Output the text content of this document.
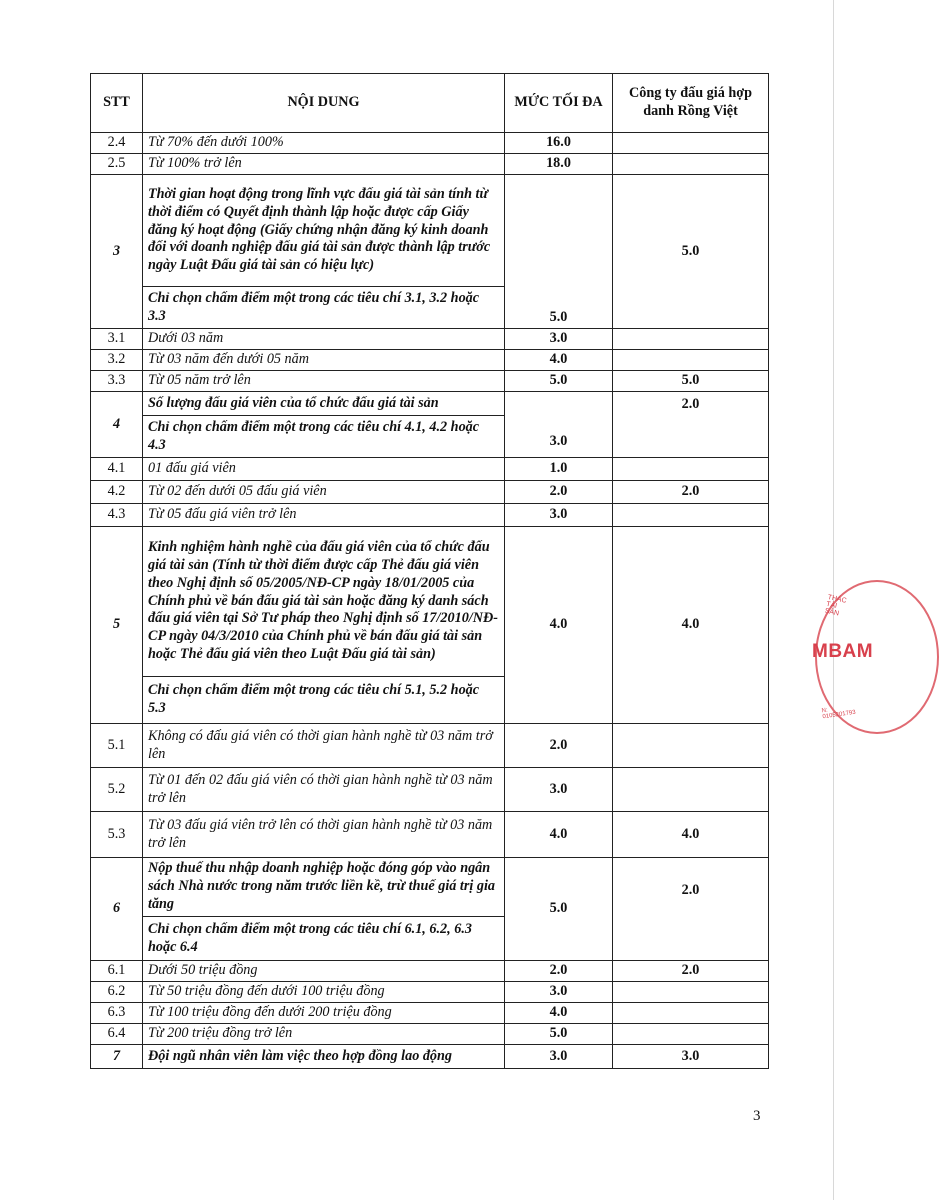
STT	NỘI DUNG	MỨC TỐI ĐA	Công ty đấu giá hợp danh Rồng Việt
2.4	Từ 70% đến dưới 100%	16.0	
2.5	Từ 100% trở lên	18.0	
3	Thời gian hoạt động trong lĩnh vực đấu giá tài sản tính từ thời điểm có Quyết định thành lập hoặc được cấp Giấy đăng ký hoạt động (Giấy chứng nhận đăng ký kinh doanh đối với doanh nghiệp đấu giá tài sản được thành lập trước ngày Luật Đấu giá tài sản có hiệu lực)	5.0	5.0
	Chỉ chọn chấm điểm một trong các tiêu chí 3.1, 3.2 hoặc 3.3		
3.1	Dưới 03 năm	3.0	
3.2	Từ 03 năm đến dưới 05 năm	4.0	
3.3	Từ 05 năm trở lên	5.0	5.0
4	Số lượng đấu giá viên của tổ chức đấu giá tài sản	3.0	2.0
	Chỉ chọn chấm điểm một trong các tiêu chí 4.1, 4.2 hoặc 4.3		
4.1	01 đấu giá viên	1.0	
4.2	Từ 02 đến dưới 05 đấu giá viên	2.0	2.0
4.3	Từ 05 đấu giá viên trở lên	3.0	
5	Kinh nghiệm hành nghề của đấu giá viên của tổ chức đấu giá tài sản (Tính từ thời điểm được cấp Thẻ đấu giá viên theo Nghị định số 05/2005/NĐ-CP ngày 18/01/2005 của Chính phủ về bán đấu giá tài sản hoặc đăng ký danh sách đấu giá viên tại Sở Tư pháp theo Nghị định số 17/2010/NĐ-CP ngày 04/3/2010 của Chính phủ về bán đấu giá tài sản hoặc Thẻ đấu giá viên theo Luật Đấu giá tài sản)	4.0	4.0
	Chỉ chọn chấm điểm một trong các tiêu chí 5.1, 5.2 hoặc 5.3		
5.1	Không có đấu giá viên có thời gian hành nghề từ 03 năm trở lên	2.0	
5.2	Từ 01 đến 02 đấu giá viên có thời gian hành nghề từ 03 năm trở lên	3.0	
5.3	Từ 03 đấu giá viên trở lên có thời gian hành nghề từ 03 năm trở lên	4.0	4.0
6	Nộp thuế thu nhập doanh nghiệp hoặc đóng góp vào ngân sách Nhà nước trong năm trước liền kề, trừ thuế giá trị gia tăng	5.0	2.0
	Chỉ chọn chấm điểm một trong các tiêu chí 6.1, 6.2, 6.3 hoặc 6.4		
6.1	Dưới 50 triệu đồng	2.0	2.0
6.2	Từ 50 triệu đồng đến dưới 100 triệu đồng	3.0	
6.3	Từ 100 triệu đồng đến dưới 200 triệu đồng	4.0	
6.4	Từ 200 triệu đồng trở lên	5.0	
7	Đội ngũ nhân viên làm việc theo hợp đồng lao động	3.0	3.0
THÁC TÀI SẢN
MBAM
N: 0105201793
3
